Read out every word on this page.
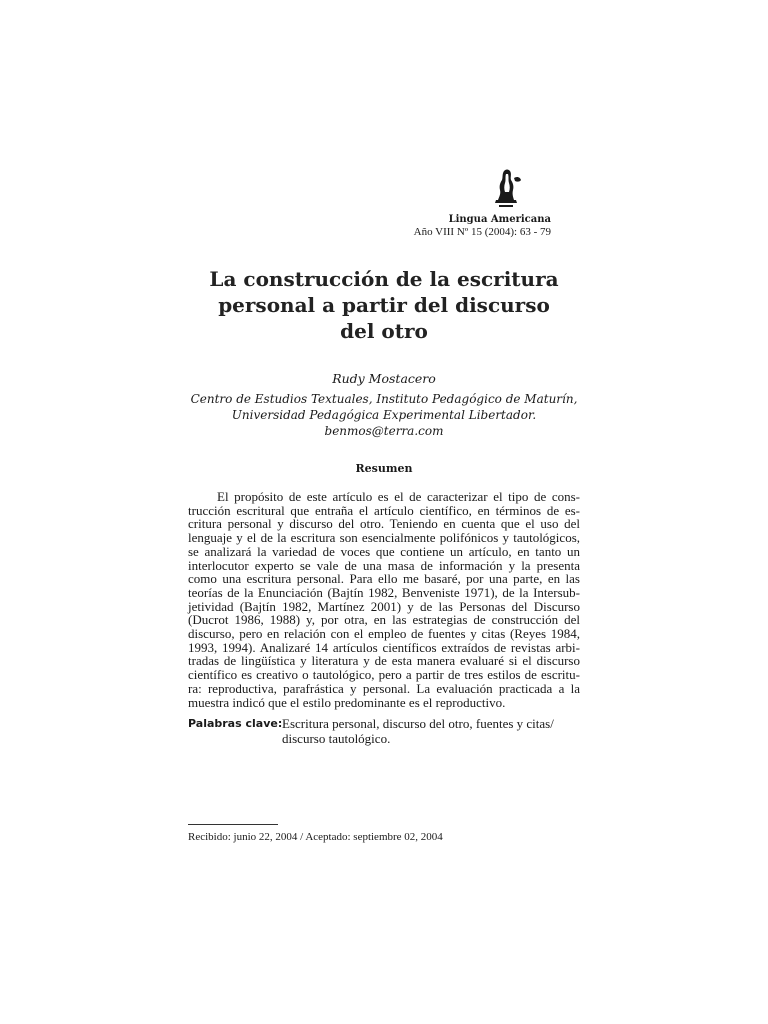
Lingua Americana
Año VIII Nº 15 (2004): 63 - 79
La construcción de la escritura
personal a partir del discurso
del otro
Rudy Mostacero
Centro de Estudios Textuales, Instituto Pedagógico de Maturín,
Universidad Pedagógica Experimental Libertador.
benmos@terra.com
Resumen
El propósito de este artículo es el de caracterizar el tipo de cons-
trucción escritural que entraña el artículo científico, en términos de es-
critura personal y discurso del otro. Teniendo en cuenta que el uso del
lenguaje y el de la escritura son esencialmente polifónicos y tautológicos,
se analizará la variedad de voces que contiene un artículo, en tanto un
interlocutor experto se vale de una masa de información y la presenta
como una escritura personal. Para ello me basaré, por una parte, en las
teorías de la Enunciación (Bajtín 1982, Benveniste 1971), de la Intersub-
jetividad (Bajtín 1982, Martínez 2001) y de las Personas del Discurso
(Ducrot 1986, 1988) y, por otra, en las estrategias de construcción del
discurso, pero en relación con el empleo de fuentes y citas (Reyes 1984,
1993, 1994). Analizaré 14 artículos científicos extraídos de revistas arbi-
tradas de lingüística y literatura y de esta manera evaluaré si el discurso
científico es creativo o tautológico, pero a partir de tres estilos de escritu-
ra: reproductiva, parafrástica y personal. La evaluación practicada a la
muestra indicó que el estilo predominante es el reproductivo.
Palabras clave: Escritura personal, discurso del otro, fuentes y citas/
discurso tautológico.
Recibido: junio 22, 2004 / Aceptado: septiembre 02, 2004
